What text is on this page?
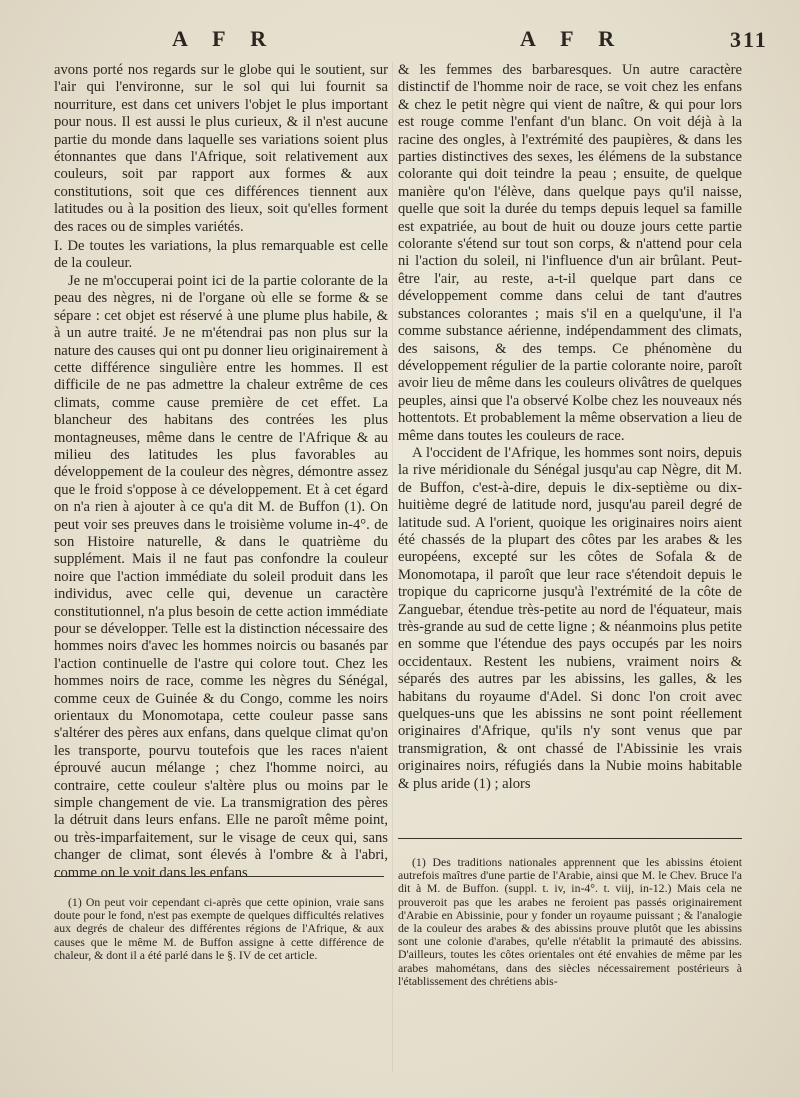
A F R	A F R	311

avons porté nos regards sur le globe qui le soutient, sur l'air qui l'environne, sur le sol qui lui fournit sa nourriture, est dans cet univers l'objet le plus important pour nous. Il est aussi le plus curieux, & il n'est aucune partie du monde dans laquelle ses variations soient plus étonnantes que dans l'Afrique, soit relativement aux couleurs, soit par rapport aux formes & aux constitutions, soit que ces différences tiennent aux latitudes ou à la position des lieux, soit qu'elles forment des races ou de simples variétés.

I. De toutes les variations, la plus remarquable est celle de la couleur.

Je ne m'occuperai point ici de la partie colorante de la peau des nègres, ni de l'organe où elle se forme & se sépare : cet objet est réservé à une plume plus habile, & à un autre traité. Je ne m'étendrai pas non plus sur la nature des causes qui ont pu donner lieu originairement à cette différence singulière entre les hommes. Il est difficile de ne pas admettre la chaleur extrême de ces climats, comme cause première de cet effet. La blancheur des habitans des contrées les plus montagneuses, même dans le centre de l'Afrique & au milieu des latitudes les plus favorables au développement de la couleur des nègres, démontre assez que le froid s'oppose à ce développement. Et à cet égard on n'a rien à ajouter à ce qu'a dit M. de Buffon (1). On peut voir ses preuves dans le troisième volume in-4°. de son Histoire naturelle, & dans le quatrième du supplément. Mais il ne faut pas confondre la couleur noire que l'action immédiate du soleil produit dans les individus, avec celle qui, devenue un caractère constitutionnel, n'a plus besoin de cette action immédiate pour se développer. Telle est la distinction nécessaire des hommes noirs d'avec les hommes noircis ou basanés par l'action continuelle de l'astre qui colore tout. Chez les hommes noirs de race, comme les nègres du Sénégal, comme ceux de Guinée & du Congo, comme les noirs orientaux du Monomotapa, cette couleur passe sans s'altérer des pères aux enfans, dans quelque climat qu'on les transporte, pourvu toutefois que les races n'aient éprouvé aucun mélange ; chez l'homme noirci, au contraire, cette couleur s'altère plus ou moins par le simple changement de vie. La transmigration des pères la détruit dans leurs enfans. Elle ne paroît même point, ou très-imparfaitement, sur le visage de ceux qui, sans changer de climat, sont élevés à l'ombre & à l'abri, comme on le voit dans les enfans

(1) On peut voir cependant ci-après que cette opinion, vraie sans doute pour le fond, n'est pas exempte de quelques difficultés relatives aux degrés de chaleur des différentes régions de l'Afrique, & aux causes que le même M. de Buffon assigne à cette différence de chaleur, & dont il a été parlé dans le §. IV de cet article.

& les femmes des barbaresques. Un autre caractère distinctif de l'homme noir de race, se voit chez les enfans & chez le petit nègre qui vient de naître, & qui pour lors est rouge comme l'enfant d'un blanc. On voit déjà à la racine des ongles, à l'extrémité des paupières, & dans les parties distinctives des sexes, les élémens de la substance colorante qui doit teindre la peau ; ensuite, de quelque manière qu'on l'élève, dans quelque pays qu'il naisse, quelle que soit la durée du temps depuis lequel sa famille est expatriée, au bout de huit ou douze jours cette partie colorante s'étend sur tout son corps, & n'attend pour cela ni l'action du soleil, ni l'influence d'un air brûlant. Peut-être l'air, au reste, a-t-il quelque part dans ce développement comme dans celui de tant d'autres substances colorantes ; mais s'il en a quelqu'une, il l'a comme substance aérienne, indépendamment des climats, des saisons, & des temps. Ce phénomène du développement régulier de la partie colorante noire, paroît avoir lieu de même dans les couleurs olivâtres de quelques peuples, ainsi que l'a observé Kolbe chez les nouveaux nés hottentots. Et probablement la même observation a lieu de même dans toutes les couleurs de race.

A l'occident de l'Afrique, les hommes sont noirs, depuis la rive méridionale du Sénégal jusqu'au cap Nègre, dit M. de Buffon, c'est-à-dire, depuis le dix-septième ou dix-huitième degré de latitude nord, jusqu'au pareil degré de latitude sud. A l'orient, quoique les originaires noirs aient été chassés de la plupart des côtes par les arabes & les européens, excepté sur les côtes de Sofala & de Monomotapa, il paroît que leur race s'étendoit depuis le tropique du capricorne jusqu'à l'extrémité de la côte de Zanguebar, étendue très-petite au nord de l'équateur, mais très-grande au sud de cette ligne ; & néanmoins plus petite en somme que l'étendue des pays occupés par les noirs occidentaux. Restent les nubiens, vraiment noirs & séparés des autres par les abissins, les galles, & les habitans du royaume d'Adel. Si donc l'on croit avec quelques-uns que les abissins ne sont point réellement originaires d'Afrique, qu'ils n'y sont venus que par transmigration, & ont chassé de l'Abissinie les vrais originaires noirs, réfugiés dans la Nubie moins habitable & plus aride (1) ; alors

(1) Des traditions nationales apprennent que les abissins étoient autrefois maîtres d'une partie de l'Arabie, ainsi que M. le Chev. Bruce l'a dit à M. de Buffon. (suppl. t. iv, in-4°. t. viij, in-12.) Mais cela ne prouveroit pas que les arabes ne feroient pas passés originairement d'Arabie en Abissinie, pour y fonder un royaume puissant ; & l'analogie de la couleur des arabes & des abissins prouve plutôt que les abissins sont une colonie d'arabes, qu'elle n'établit la primauté des abissins. D'ailleurs, toutes les côtes orientales ont été envahies de même par les arabes mahométans, dans des siècles nécessairement postérieurs à l'établissement des chrétiens abis-
